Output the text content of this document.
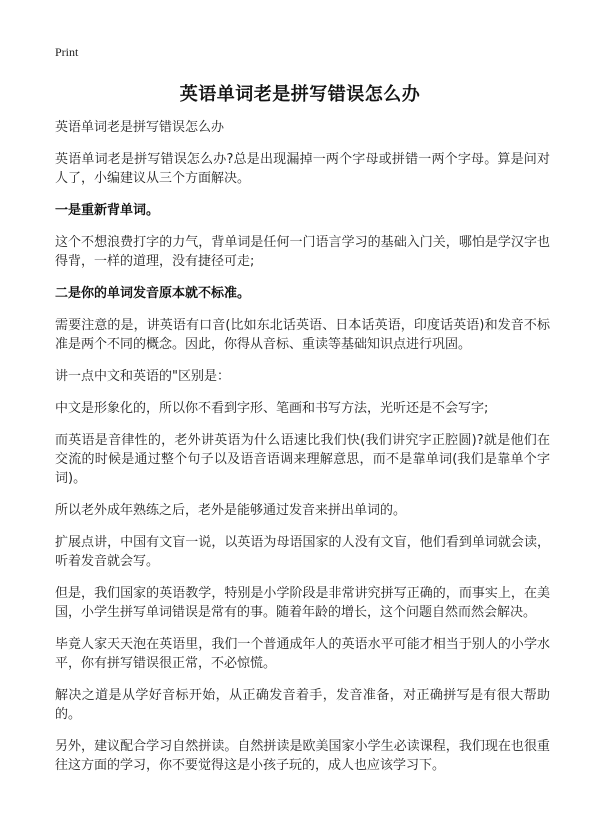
Print
英语单词老是拼写错误怎么办

英语单词老是拼写错误怎么办

英语单词老是拼写错误怎么办?总是出现漏掉一两个字母或拼错一两个字母。算是问对人了，小编建议从三个方面解决。

一是重新背单词。

这个不想浪费打字的力气，背单词是任何一门语言学习的基础入门关，哪怕是学汉字也得背，一样的道理，没有捷径可走;

二是你的单词发音原本就不标准。

需要注意的是，讲英语有口音(比如东北话英语、日本话英语，印度话英语)和发音不标准是两个不同的概念。因此，你得从音标、重读等基础知识点进行巩固。

讲一点中文和英语的"区别是：

中文是形象化的，所以你不看到字形、笔画和书写方法，光听还是不会写字;

而英语是音律性的，老外讲英语为什么语速比我们快(我们讲究字正腔圆)?就是他们在交流的时候是通过整个句子以及语音语调来理解意思，而不是靠单词(我们是靠单个字词)。

所以老外成年熟练之后，老外是能够通过发音来拼出单词的。

扩展点讲，中国有文盲一说，以英语为母语国家的人没有文盲，他们看到单词就会读，听着发音就会写。

但是，我们国家的英语教学，特别是小学阶段是非常讲究拼写正确的，而事实上，在美国，小学生拼写单词错误是常有的事。随着年龄的增长，这个问题自然而然会解决。

毕竟人家天天泡在英语里，我们一个普通成年人的英语水平可能才相当于别人的小学水平，你有拼写错误很正常，不必惊慌。

解决之道是从学好音标开始，从正确发音着手，发音准备，对正确拼写是有很大帮助的。

另外，建议配合学习自然拼读。自然拼读是欧美国家小学生必读课程，我们现在也很重往这方面的学习，你不要觉得这是小孩子玩的，成人也应该学习下。
